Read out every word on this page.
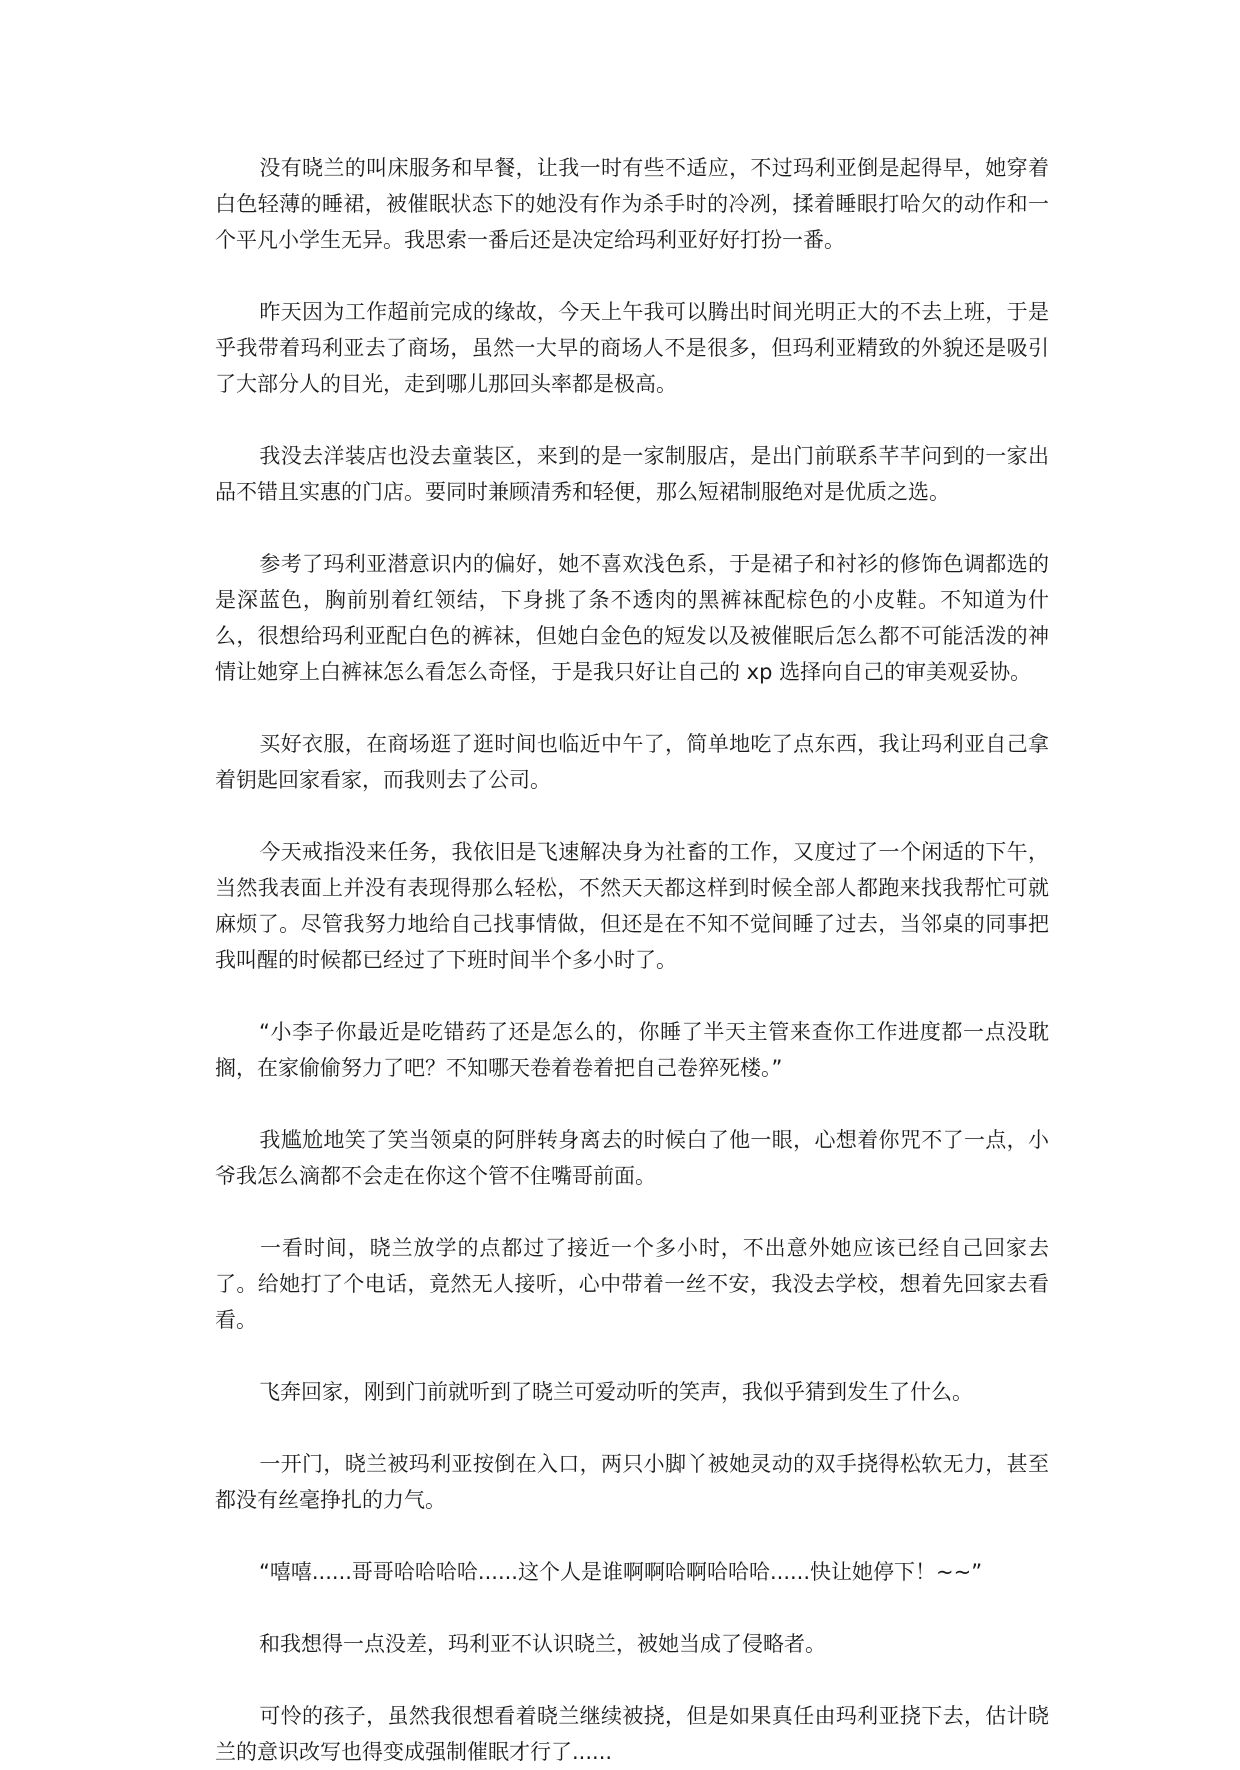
没有晓兰的叫床服务和早餐，让我一时有些不适应，不过玛利亚倒是起得早，她穿着白色轻薄的睡裙，被催眠状态下的她没有作为杀手时的冷冽，揉着睡眼打哈欠的动作和一个平凡小学生无异。我思索一番后还是决定给玛利亚好好打扮一番。

昨天因为工作超前完成的缘故，今天上午我可以腾出时间光明正大的不去上班，于是乎我带着玛利亚去了商场，虽然一大早的商场人不是很多，但玛利亚精致的外貌还是吸引了大部分人的目光，走到哪儿那回头率都是极高。

我没去洋装店也没去童装区，来到的是一家制服店，是出门前联系芊芊问到的一家出品不错且实惠的门店。要同时兼顾清秀和轻便，那么短裙制服绝对是优质之选。

参考了玛利亚潜意识内的偏好，她不喜欢浅色系，于是裙子和衬衫的修饰色调都选的是深蓝色，胸前别着红领结，下身挑了条不透肉的黑裤袜配棕色的小皮鞋。不知道为什么，很想给玛利亚配白色的裤袜，但她白金色的短发以及被催眠后怎么都不可能活泼的神情让她穿上白裤袜怎么看怎么奇怪，于是我只好让自己的 xp 选择向自己的审美观妥协。

买好衣服，在商场逛了逛时间也临近中午了，简单地吃了点东西，我让玛利亚自己拿着钥匙回家看家，而我则去了公司。

今天戒指没来任务，我依旧是飞速解决身为社畜的工作，又度过了一个闲适的下午，当然我表面上并没有表现得那么轻松，不然天天都这样到时候全部人都跑来找我帮忙可就麻烦了。尽管我努力地给自己找事情做，但还是在不知不觉间睡了过去，当邻桌的同事把我叫醒的时候都已经过了下班时间半个多小时了。

“小李子你最近是吃错药了还是怎么的，你睡了半天主管来查你工作进度都一点没耽搁，在家偷偷努力了吧？不知哪天卷着卷着把自己卷猝死楼。”

我尴尬地笑了笑当领桌的阿胖转身离去的时候白了他一眼，心想着你咒不了一点，小爷我怎么滴都不会走在你这个管不住嘴哥前面。

一看时间，晓兰放学的点都过了接近一个多小时，不出意外她应该已经自己回家去了。给她打了个电话，竟然无人接听，心中带着一丝不安，我没去学校，想着先回家去看看。

飞奔回家，刚到门前就听到了晓兰可爱动听的笑声，我似乎猜到发生了什么。

一开门，晓兰被玛利亚按倒在入口，两只小脚丫被她灵动的双手挠得松软无力，甚至都没有丝毫挣扎的力气。

“嘻嘻......哥哥哈哈哈哈......这个人是谁啊啊哈啊哈哈哈......快让她停下！~~”

和我想得一点没差，玛利亚不认识晓兰，被她当成了侵略者。

可怜的孩子，虽然我很想看着晓兰继续被挠，但是如果真任由玛利亚挠下去，估计晓兰的意识改写也得变成强制催眠才行了......
